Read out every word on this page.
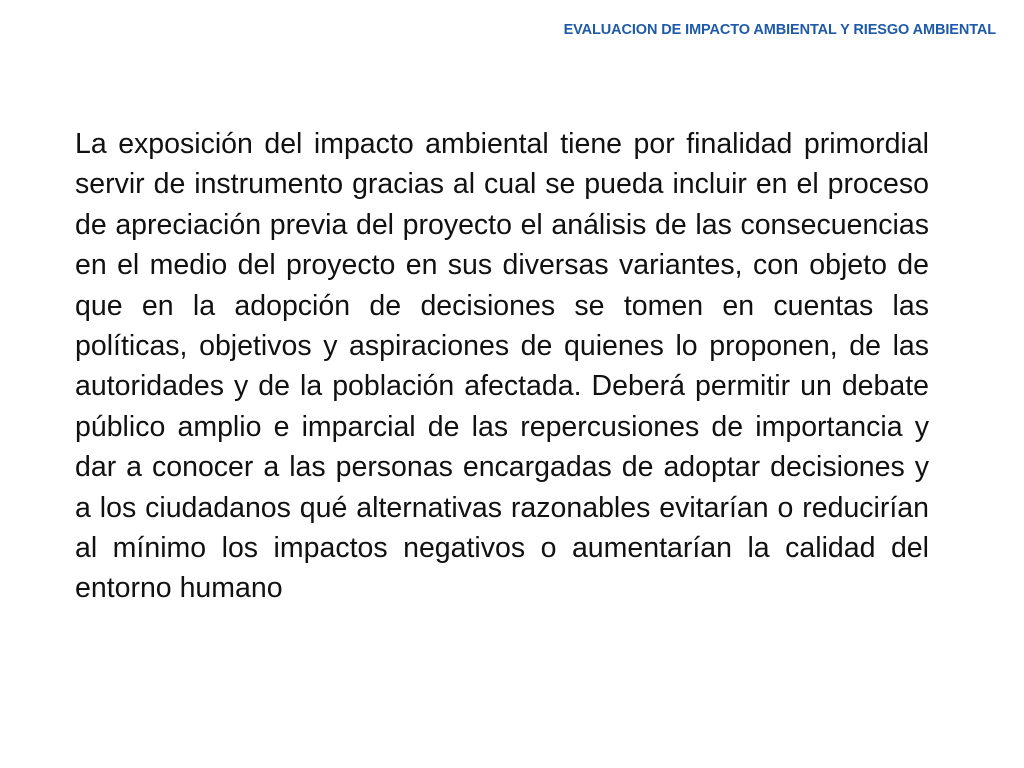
EVALUACION DE IMPACTO AMBIENTAL Y RIESGO AMBIENTAL

La exposición del impacto ambiental tiene por finalidad primordial servir de instrumento gracias al cual se pueda incluir en el proceso de apreciación previa del proyecto el análisis de las consecuencias en el medio del proyecto en sus diversas variantes, con objeto de que en la adopción de decisiones se tomen en cuentas las políticas, objetivos y aspiraciones de quienes lo proponen, de las autoridades y de la población afectada. Deberá permitir un debate público amplio e imparcial de las repercusiones de importancia y dar a conocer a las personas encargadas de adoptar decisiones y a los ciudadanos qué alternativas razonables evitarían o reducirían al mínimo los impactos negativos o aumentarían la calidad del entorno humano
